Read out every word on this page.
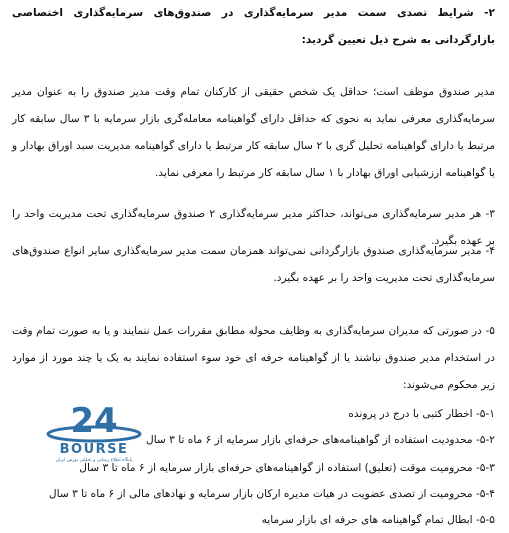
۲- شرایط تصدی سمت مدیر سرمایه‌گذاری در صندوق‌های سرمایه‌گذاری اختصاصی بازارگردانی به شرح ذیل تعیین گردید:
مدیر صندوق موظف است؛ حداقل یک شخص حقیقی از کارکنان تمام وقت مدیر صندوق را به عنوان مدیر سرمایه‌گذاری معرفی نماید به نحوی که حداقل دارای گواهینامه معامله‌گری بازار سرمایه با ۳ سال سابقه کار مرتبط یا دارای گواهینامه تحلیل گری با ۲ سال سابقه کار مرتبط یا دارای گواهینامه مدیریت سبد اوراق بهادار و یا گواهینامه ارزشیابی اوراق بهادار با ۱ سال سابقه کار مرتبط را معرفی نماید.
۳- هر مدیر سرمایه‌گذاری می‌تواند، حداکثر مدیر سرمایه‌گذاری ۲ صندوق سرمایه‌گذاری تحت مدیریت واحد را بر عهده بگیرد.
۴- مدیر سرمایه‌گذاری صندوق بازارگردانی نمی‌تواند همزمان سمت مدیر سرمایه‌گذاری سایر انواع صندوق‌های سرمایه‌گذاری تحت مدیریت واحد را بر عهده بگیرد.
۵- در صورتی که مدیران سرمایه‌گذاری به وظایف محوله مطابق مقررات عمل ننمایند و یا به صورت تمام وقت در استخدام مدیر صندوق نباشند یا از گواهینامه حرفه ای خود سوء استفاده نمایند به یک یا چند مورد از موارد زیر محکوم می‌شوند:
۵-۱- اخطار کتبی با درج در پرونده
۵-۲- محدودیت استفاده از گواهینامه‌های حرفه‌ای بازار سرمایه از ۶ ماه تا ۳ سال
۵-۳- محرومیت موقت (تعلیق) استفاده از گواهینامه‌های حرفه‌ای بازار سرمایه از ۶ ماه تا ۳ سال
۵-۴- محرومیت از تصدی عضویت در هیات مدیره ارکان بازار سرمایه و نهادهای مالی از ۶ ماه تا ۳ سال
۵-۵- ابطال تمام گواهینامه های حرفه ای بازار سرمایه
24
BOURSE
پایگاه اطلاع رسانی و تحلیلی بورس ایران
